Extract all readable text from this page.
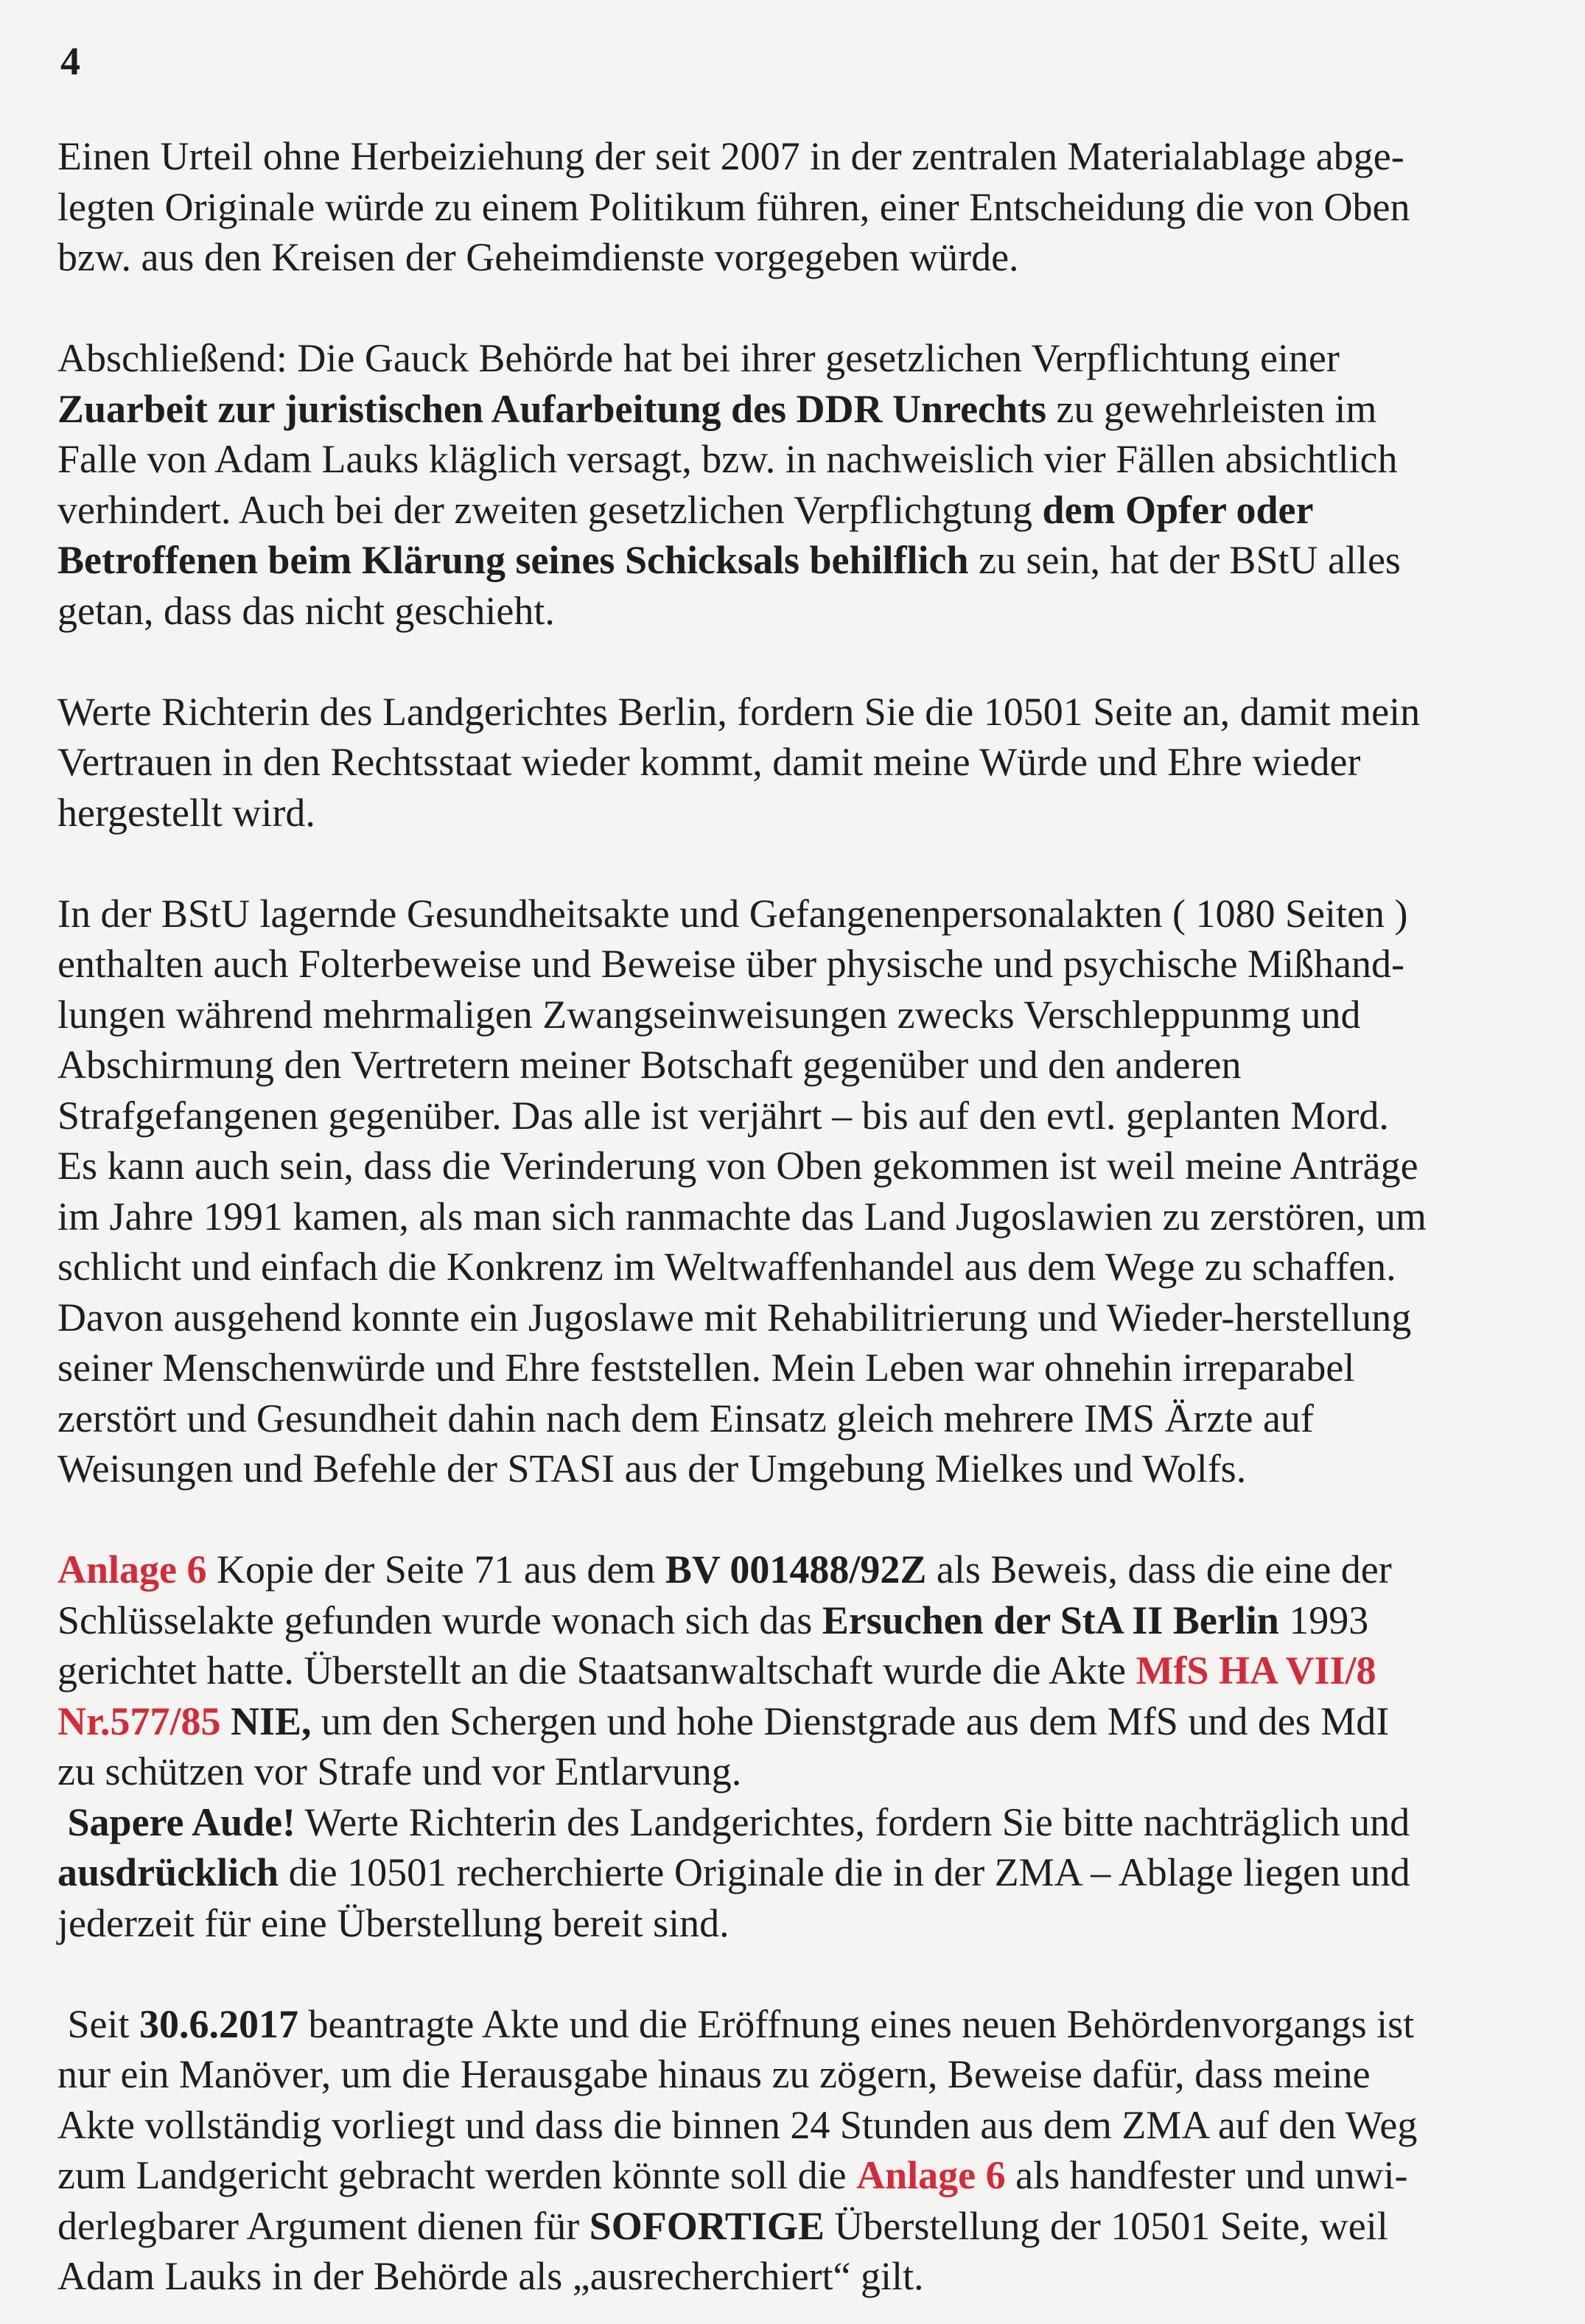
4
Einen Urteil ohne Herbeiziehung der seit 2007 in der zentralen Materialablage abge-
legten Originale würde zu einem Politikum führen, einer Entscheidung die von Oben
bzw. aus den Kreisen der Geheimdienste vorgegeben würde.
Abschließend: Die Gauck Behörde hat bei ihrer gesetzlichen Verpflichtung einer
Zuarbeit zur juristischen Aufarbeitung des DDR Unrechts zu gewehrleisten im
Falle von Adam Lauks kläglich versagt, bzw. in nachweislich vier Fällen absichtlich
verhindert. Auch bei der zweiten gesetzlichen Verpflichgtung dem Opfer oder
Betroffenen beim Klärung seines Schicksals behilflich zu sein, hat der BStU alles
getan, dass das nicht geschieht.
Werte Richterin des Landgerichtes Berlin, fordern Sie die 10501 Seite an, damit mein
Vertrauen in den Rechtsstaat wieder kommt, damit meine Würde und Ehre wieder
hergestellt wird.
In der BStU lagernde Gesundheitsakte und Gefangenenpersonalakten ( 1080 Seiten )
enthalten auch Folterbeweise und Beweise über physische und psychische Mißhand-
lungen während mehrmaligen Zwangseinweisungen zwecks Verschleppunmg und
Abschirmung den Vertretern meiner Botschaft gegenüber und den anderen
Strafgefangenen gegenüber. Das alle ist verjährt – bis auf den evtl. geplanten Mord.
Es kann auch sein, dass die Verinderung von Oben gekommen ist weil meine Anträge
im Jahre 1991 kamen, als man sich ranmachte das Land Jugoslawien zu zerstören, um
schlicht und einfach die Konkrenz im Weltwaffenhandel aus dem Wege zu schaffen.
Davon ausgehend konnte ein Jugoslawe mit Rehabilitrierung und Wieder-herstellung
seiner Menschenwürde und Ehre feststellen. Mein Leben war ohnehin irreparabel
zerstört und Gesundheit dahin nach dem Einsatz gleich mehrere IMS Ärzte auf
Weisungen und Befehle der STASI aus der Umgebung Mielkes und Wolfs.
Anlage 6 Kopie der Seite 71 aus dem BV 001488/92Z als Beweis, dass die eine der
Schlüsselakte gefunden wurde wonach sich das Ersuchen der StA II Berlin 1993
gerichtet hatte. Überstellt an die Staatsanwaltschaft wurde die Akte MfS HA VII/8
Nr.577/85 NIE, um den Schergen und hohe Dienstgrade aus dem MfS und des MdI
zu schützen vor Strafe und vor Entlarvung.
Sapere Aude! Werte Richterin des Landgerichtes, fordern Sie bitte nachträglich und
ausdrücklich die 10501 recherchierte Originale die in der ZMA – Ablage liegen und
jederzeit für eine Überstellung bereit sind.
Seit 30.6.2017 beantragte Akte und die Eröffnung eines neuen Behördenvorgangs ist
nur ein Manöver, um die Herausgabe hinaus zu zögern, Beweise dafür, dass meine
Akte vollständig vorliegt und dass die binnen 24 Stunden aus dem ZMA auf den Weg
zum Landgericht gebracht werden könnte soll die Anlage 6 als handfester und unwi-
derlegbarer Argument dienen für SOFORTIGE Überstellung der 10501 Seite, weil
Adam Lauks in der Behörde als „ausrecherchiert“ gilt.
